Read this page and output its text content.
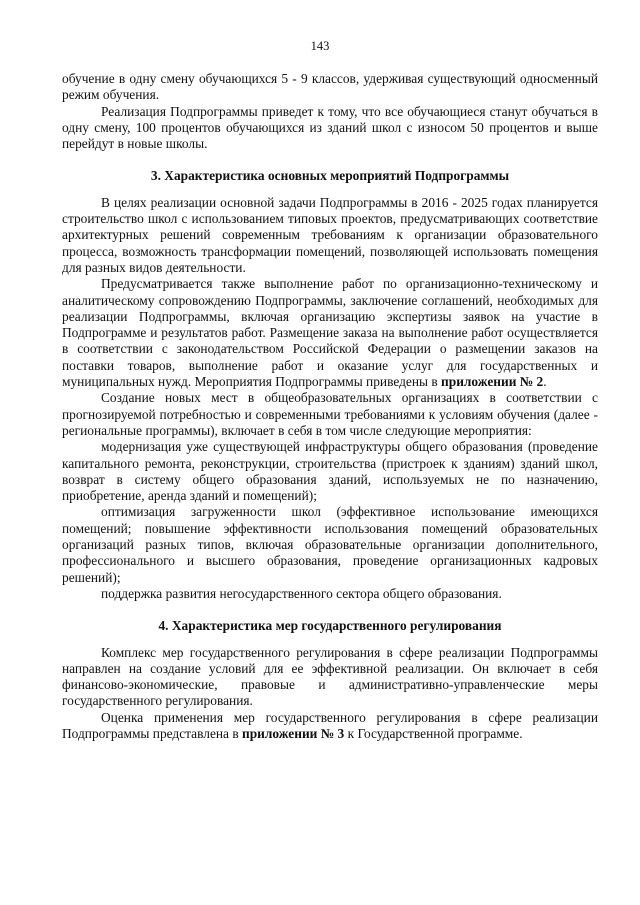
143

обучение в одну смену обучающихся 5 - 9 классов, удерживая существующий односменный режим обучения.

Реализация Подпрограммы приведет к тому, что все обучающиеся станут обучаться в одну смену, 100 процентов обучающихся из зданий школ с износом 50 процентов и выше перейдут в новые школы.

3. Характеристика основных мероприятий Подпрограммы

В целях реализации основной задачи Подпрограммы в 2016 - 2025 годах планируется строительство школ с использованием типовых проектов, предусматривающих соответствие архитектурных решений современным требованиям к организации образовательного процесса, возможность трансформации помещений, позволяющей использовать помещения для разных видов деятельности.

Предусматривается также выполнение работ по организационно-техническому и аналитическому сопровождению Подпрограммы, заключение соглашений, необходимых для реализации Подпрограммы, включая организацию экспертизы заявок на участие в Подпрограмме и результатов работ. Размещение заказа на выполнение работ осуществляется в соответствии с законодательством Российской Федерации о размещении заказов на поставки товаров, выполнение работ и оказание услуг для государственных и муниципальных нужд. Мероприятия Подпрограммы приведены в приложении № 2.

Создание новых мест в общеобразовательных организациях в соответствии с прогнозируемой потребностью и современными требованиями к условиям обучения (далее - региональные программы), включает в себя в том числе следующие мероприятия:

модернизация уже существующей инфраструктуры общего образования (проведение капитального ремонта, реконструкции, строительства (пристроек к зданиям) зданий школ, возврат в систему общего образования зданий, используемых не по назначению, приобретение, аренда зданий и помещений);

оптимизация загруженности школ (эффективное использование имеющихся помещений; повышение эффективности использования помещений образовательных организаций разных типов, включая образовательные организации дополнительного, профессионального и высшего образования, проведение организационных кадровых решений);

поддержка развития негосударственного сектора общего образования.

4. Характеристика мер государственного регулирования

Комплекс мер государственного регулирования в сфере реализации Подпрограммы направлен на создание условий для ее эффективной реализации. Он включает в себя финансово-экономические, правовые и административно-управленческие меры государственного регулирования.

Оценка применения мер государственного регулирования в сфере реализации Подпрограммы представлена в приложении № 3 к Государственной программе.
